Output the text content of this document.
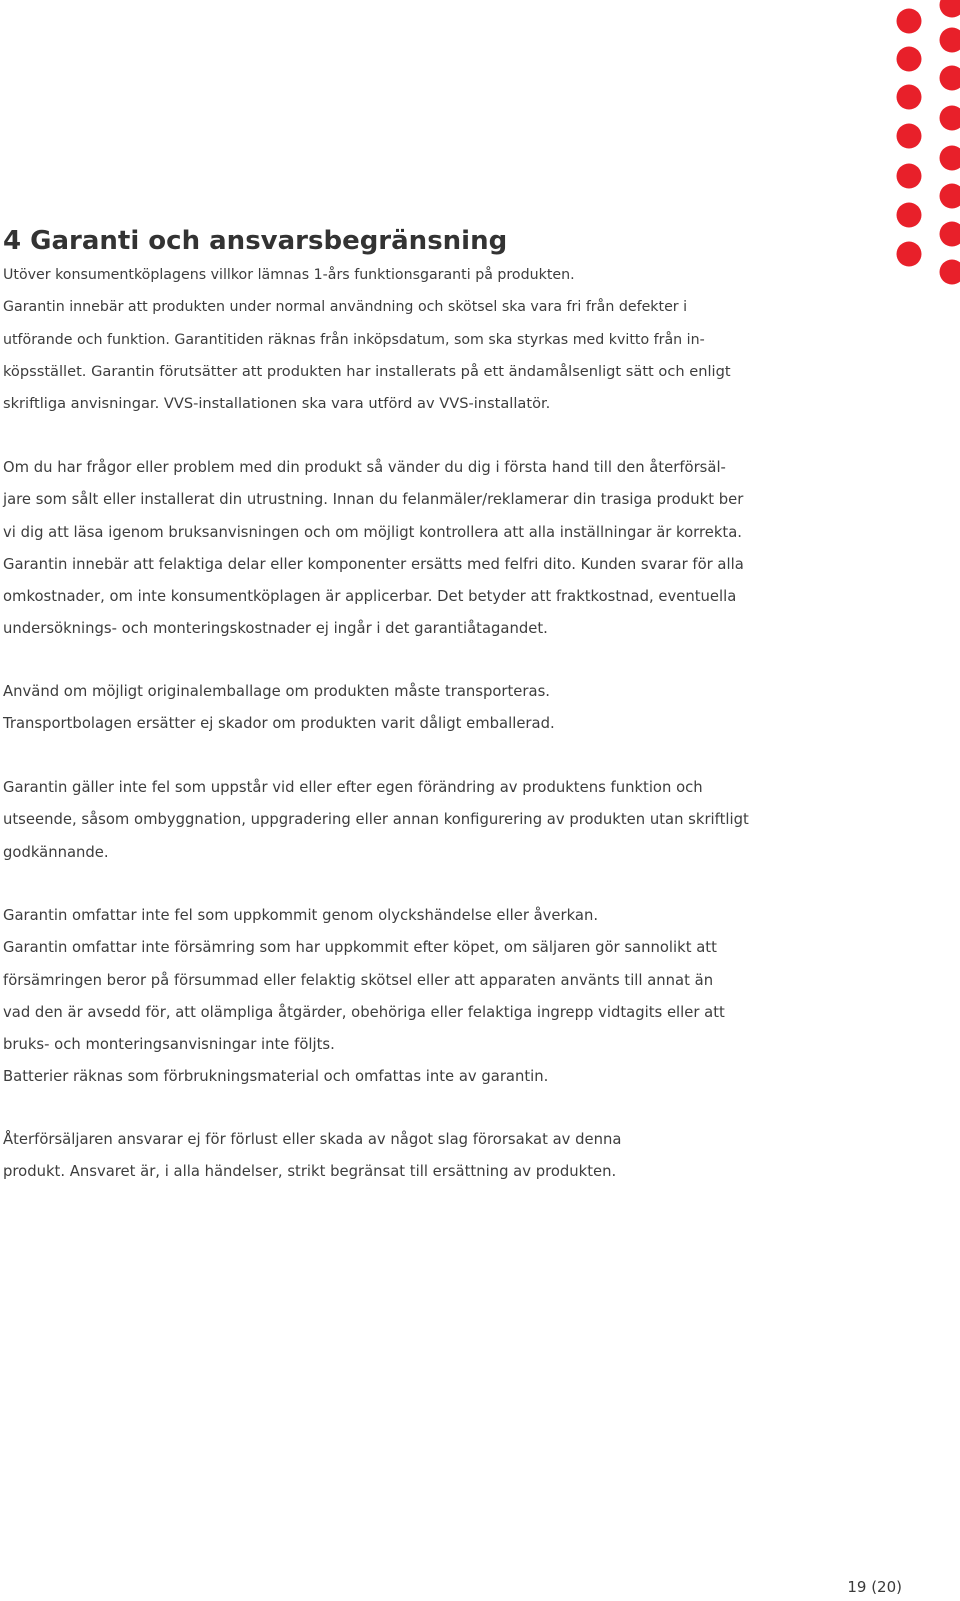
4 Garanti och ansvarsbegränsning
Utöver konsumentköplagens villkor lämnas 1-års funktionsgaranti på produkten.
Garantin innebär att produkten under normal användning och skötsel ska vara fri från defekter i
utförande och funktion. Garantitiden räknas från inköpsdatum, som ska styrkas med kvitto från in-
köpsstället. Garantin förutsätter att produkten har installerats på ett ändamålsenligt sätt och enligt
skriftliga anvisningar. VVS-installationen ska vara utförd av VVS-installatör.
Om du har frågor eller problem med din produkt så vänder du dig i första hand till den återförsäl-
jare som sålt eller installerat din utrustning. Innan du felanmäler/reklamerar din trasiga produkt ber
vi dig att läsa igenom bruksanvisningen och om möjligt kontrollera att alla inställningar är korrekta.
Garantin innebär att felaktiga delar eller komponenter ersätts med felfri dito. Kunden svarar för alla
omkostnader, om inte konsumentköplagen är applicerbar. Det betyder att fraktkostnad, eventuella
undersöknings- och monteringskostnader ej ingår i det garantiåtagandet.
Använd om möjligt originalemballage om produkten måste transporteras.
Transportbolagen ersätter ej skador om produkten varit dåligt emballerad.
Garantin gäller inte fel som uppstår vid eller efter egen förändring av produktens funktion och
utseende, såsom ombyggnation, uppgradering eller annan konfigurering av produkten utan skriftligt
godkännande.
Garantin omfattar inte fel som uppkommit genom olyckshändelse eller åverkan.
Garantin omfattar inte försämring som har uppkommit efter köpet, om säljaren gör sannolikt att
försämringen beror på försummad eller felaktig skötsel eller att apparaten använts till annat än
vad den är avsedd för, att olämpliga åtgärder, obehöriga eller felaktiga ingrepp vidtagits eller att
bruks- och monteringsanvisningar inte följts.
Batterier räknas som förbrukningsmaterial och omfattas inte av garantin.
Återförsäljaren ansvarar ej för förlust eller skada av något slag förorsakat av denna
produkt. Ansvaret är, i alla händelser, strikt begränsat till ersättning av produkten.
19 (20)
